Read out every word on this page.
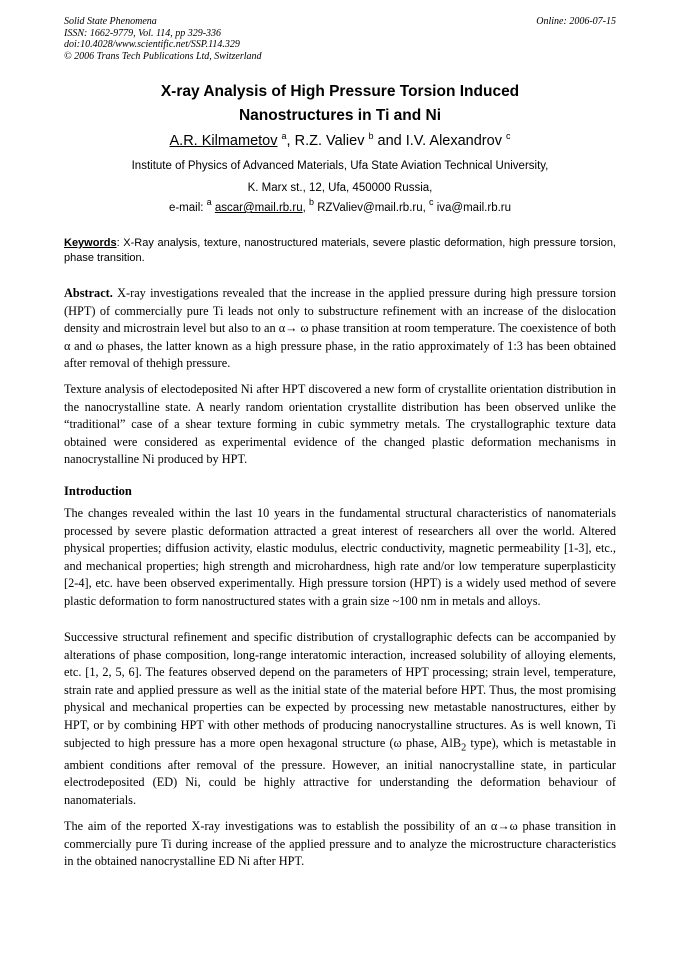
Solid State Phenomena
ISSN: 1662-9779, Vol. 114, pp 329-336
doi:10.4028/www.scientific.net/SSP.114.329
© 2006 Trans Tech Publications Ltd, Switzerland
Online: 2006-07-15
X-ray Analysis of High Pressure Torsion Induced
Nanostructures in Ti and Ni
A.R. Kilmametov $^a$, R.Z. Valiev $^b$ and I.V. Alexandrov $^c$
Institute of Physics of Advanced Materials, Ufa State Aviation Technical University,
K. Marx st., 12, Ufa, 450000 Russia,
e-mail: $^a$ ascar@mail.rb.ru, $^b$ RZValiev@mail.rb.ru, $^c$ iva@mail.rb.ru
Keywords: X-Ray analysis, texture, nanostructured materials, severe plastic deformation, high pressure torsion, phase transition.
Abstract. X-ray investigations revealed that the increase in the applied pressure during high pressure torsion (HPT) of commercially pure Ti leads not only to substructure refinement with an increase of the dislocation density and microstrain level but also to an α→ ω phase transition at room temperature. The coexistence of both α and ω phases, the latter known as a high pressure phase, in the ratio approximately of 1:3 has been obtained after removal of thehigh pressure.
Texture analysis of electodeposited Ni after HPT discovered a new form of crystallite orientation distribution in the nanocrystalline state. A nearly random orientation crystallite distribution has been observed unlike the “traditional” case of a shear texture forming in cubic symmetry metals. The crystallographic texture data obtained were considered as experimental evidence of the changed plastic deformation mechanisms in nanocrystalline Ni produced by HPT.
Introduction
The changes revealed within the last 10 years in the fundamental structural characteristics of nanomaterials processed by severe plastic deformation attracted a great interest of researchers all over the world. Altered physical properties; diffusion activity, elastic modulus, electric conductivity, magnetic permeability [1-3], etc., and mechanical properties; high strength and microhardness, high rate and/or low temperature superplasticity [2-4], etc. have been observed experimentally. High pressure torsion (HPT) is a widely used method of severe plastic deformation to form nanostructured states with a grain size ~100 nm in metals and alloys.
Successive structural refinement and specific distribution of crystallographic defects can be accompanied by alterations of phase composition, long-range interatomic interaction, increased solubility of alloying elements, etc. [1, 2, 5, 6]. The features observed depend on the parameters of HPT processing; strain level, temperature, strain rate and applied pressure as well as the initial state of the material before HPT. Thus, the most promising physical and mechanical properties can be expected by processing new metastable nanostructures, either by HPT, or by combining HPT with other methods of producing nanocrystalline structures. As is well known, Ti subjected to high pressure has a more open hexagonal structure (ω phase, AlB$_2$ type), which is metastable in ambient conditions after removal of the pressure. However, an initial nanocrystalline state, in particular electrodeposited (ED) Ni, could be highly attractive for understanding the deformation behaviour of nanomaterials.
The aim of the reported X-ray investigations was to establish the possibility of an α→ω phase transition in commercially pure Ti during increase of the applied pressure and to analyze the microstructure characteristics in the obtained nanocrystalline ED Ni after HPT.
